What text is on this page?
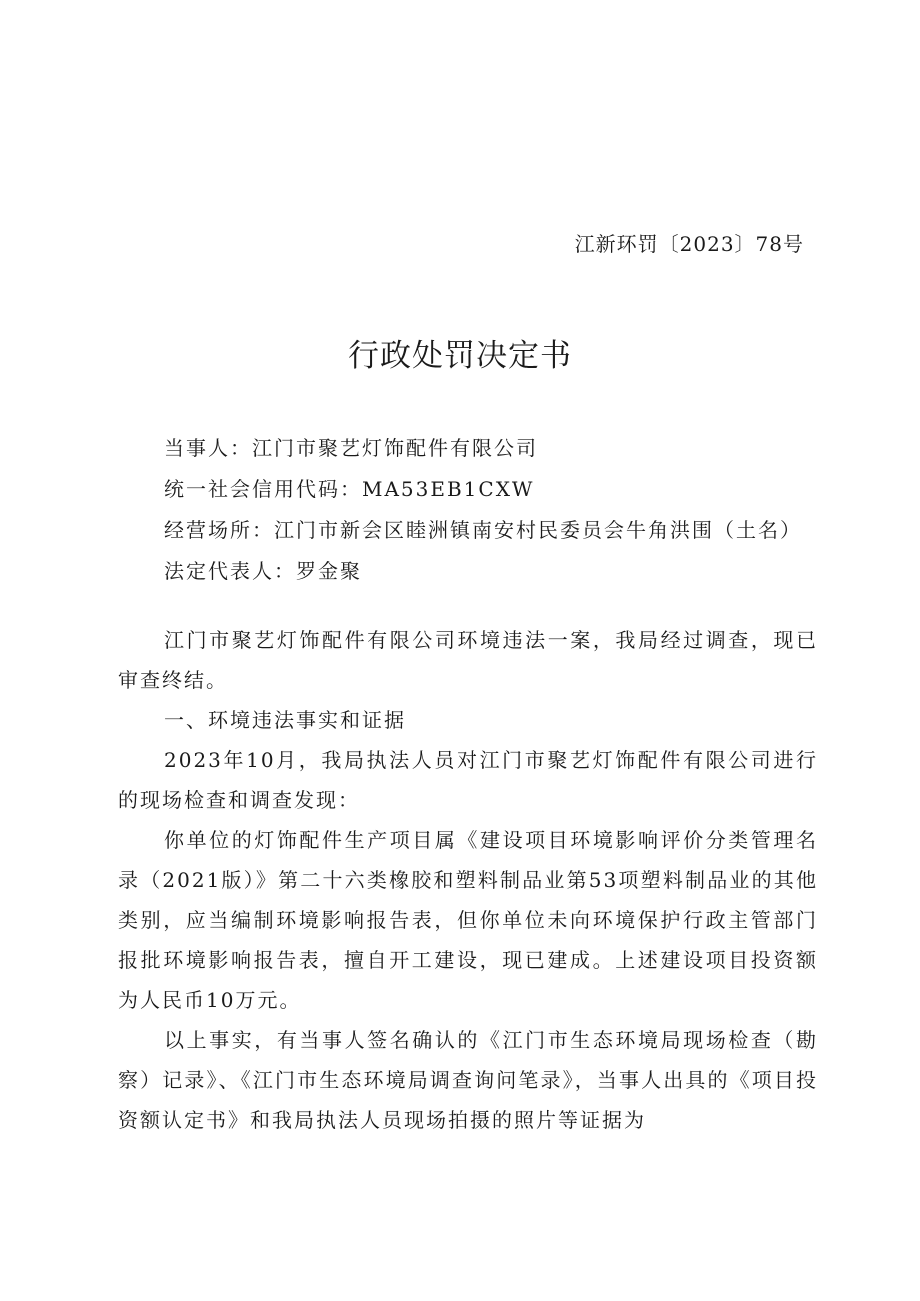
江新环罚〔2023〕78号
行政处罚决定书
当事人：江门市聚艺灯饰配件有限公司
统一社会信用代码：MA53EB1CXW
经营场所：江门市新会区睦洲镇南安村民委员会牛角洪围（土名）
法定代表人：罗金聚

江门市聚艺灯饰配件有限公司环境违法一案，我局经过调查，现已审查终结。

一、环境违法事实和证据

2023年10月，我局执法人员对江门市聚艺灯饰配件有限公司进行的现场检查和调查发现：

你单位的灯饰配件生产项目属《建设项目环境影响评价分类管理名录（2021版）》第二十六类橡胶和塑料制品业第53项塑料制品业的其他类别，应当编制环境影响报告表，但你单位未向环境保护行政主管部门报批环境影响报告表，擅自开工建设，现已建成。上述建设项目投资额为人民币10万元。

以上事实，有当事人签名确认的《江门市生态环境局现场检查（勘察）记录》、《江门市生态环境局调查询问笔录》，当事人出具的《项目投资额认定书》和我局执法人员现场拍摄的照片等证据为
